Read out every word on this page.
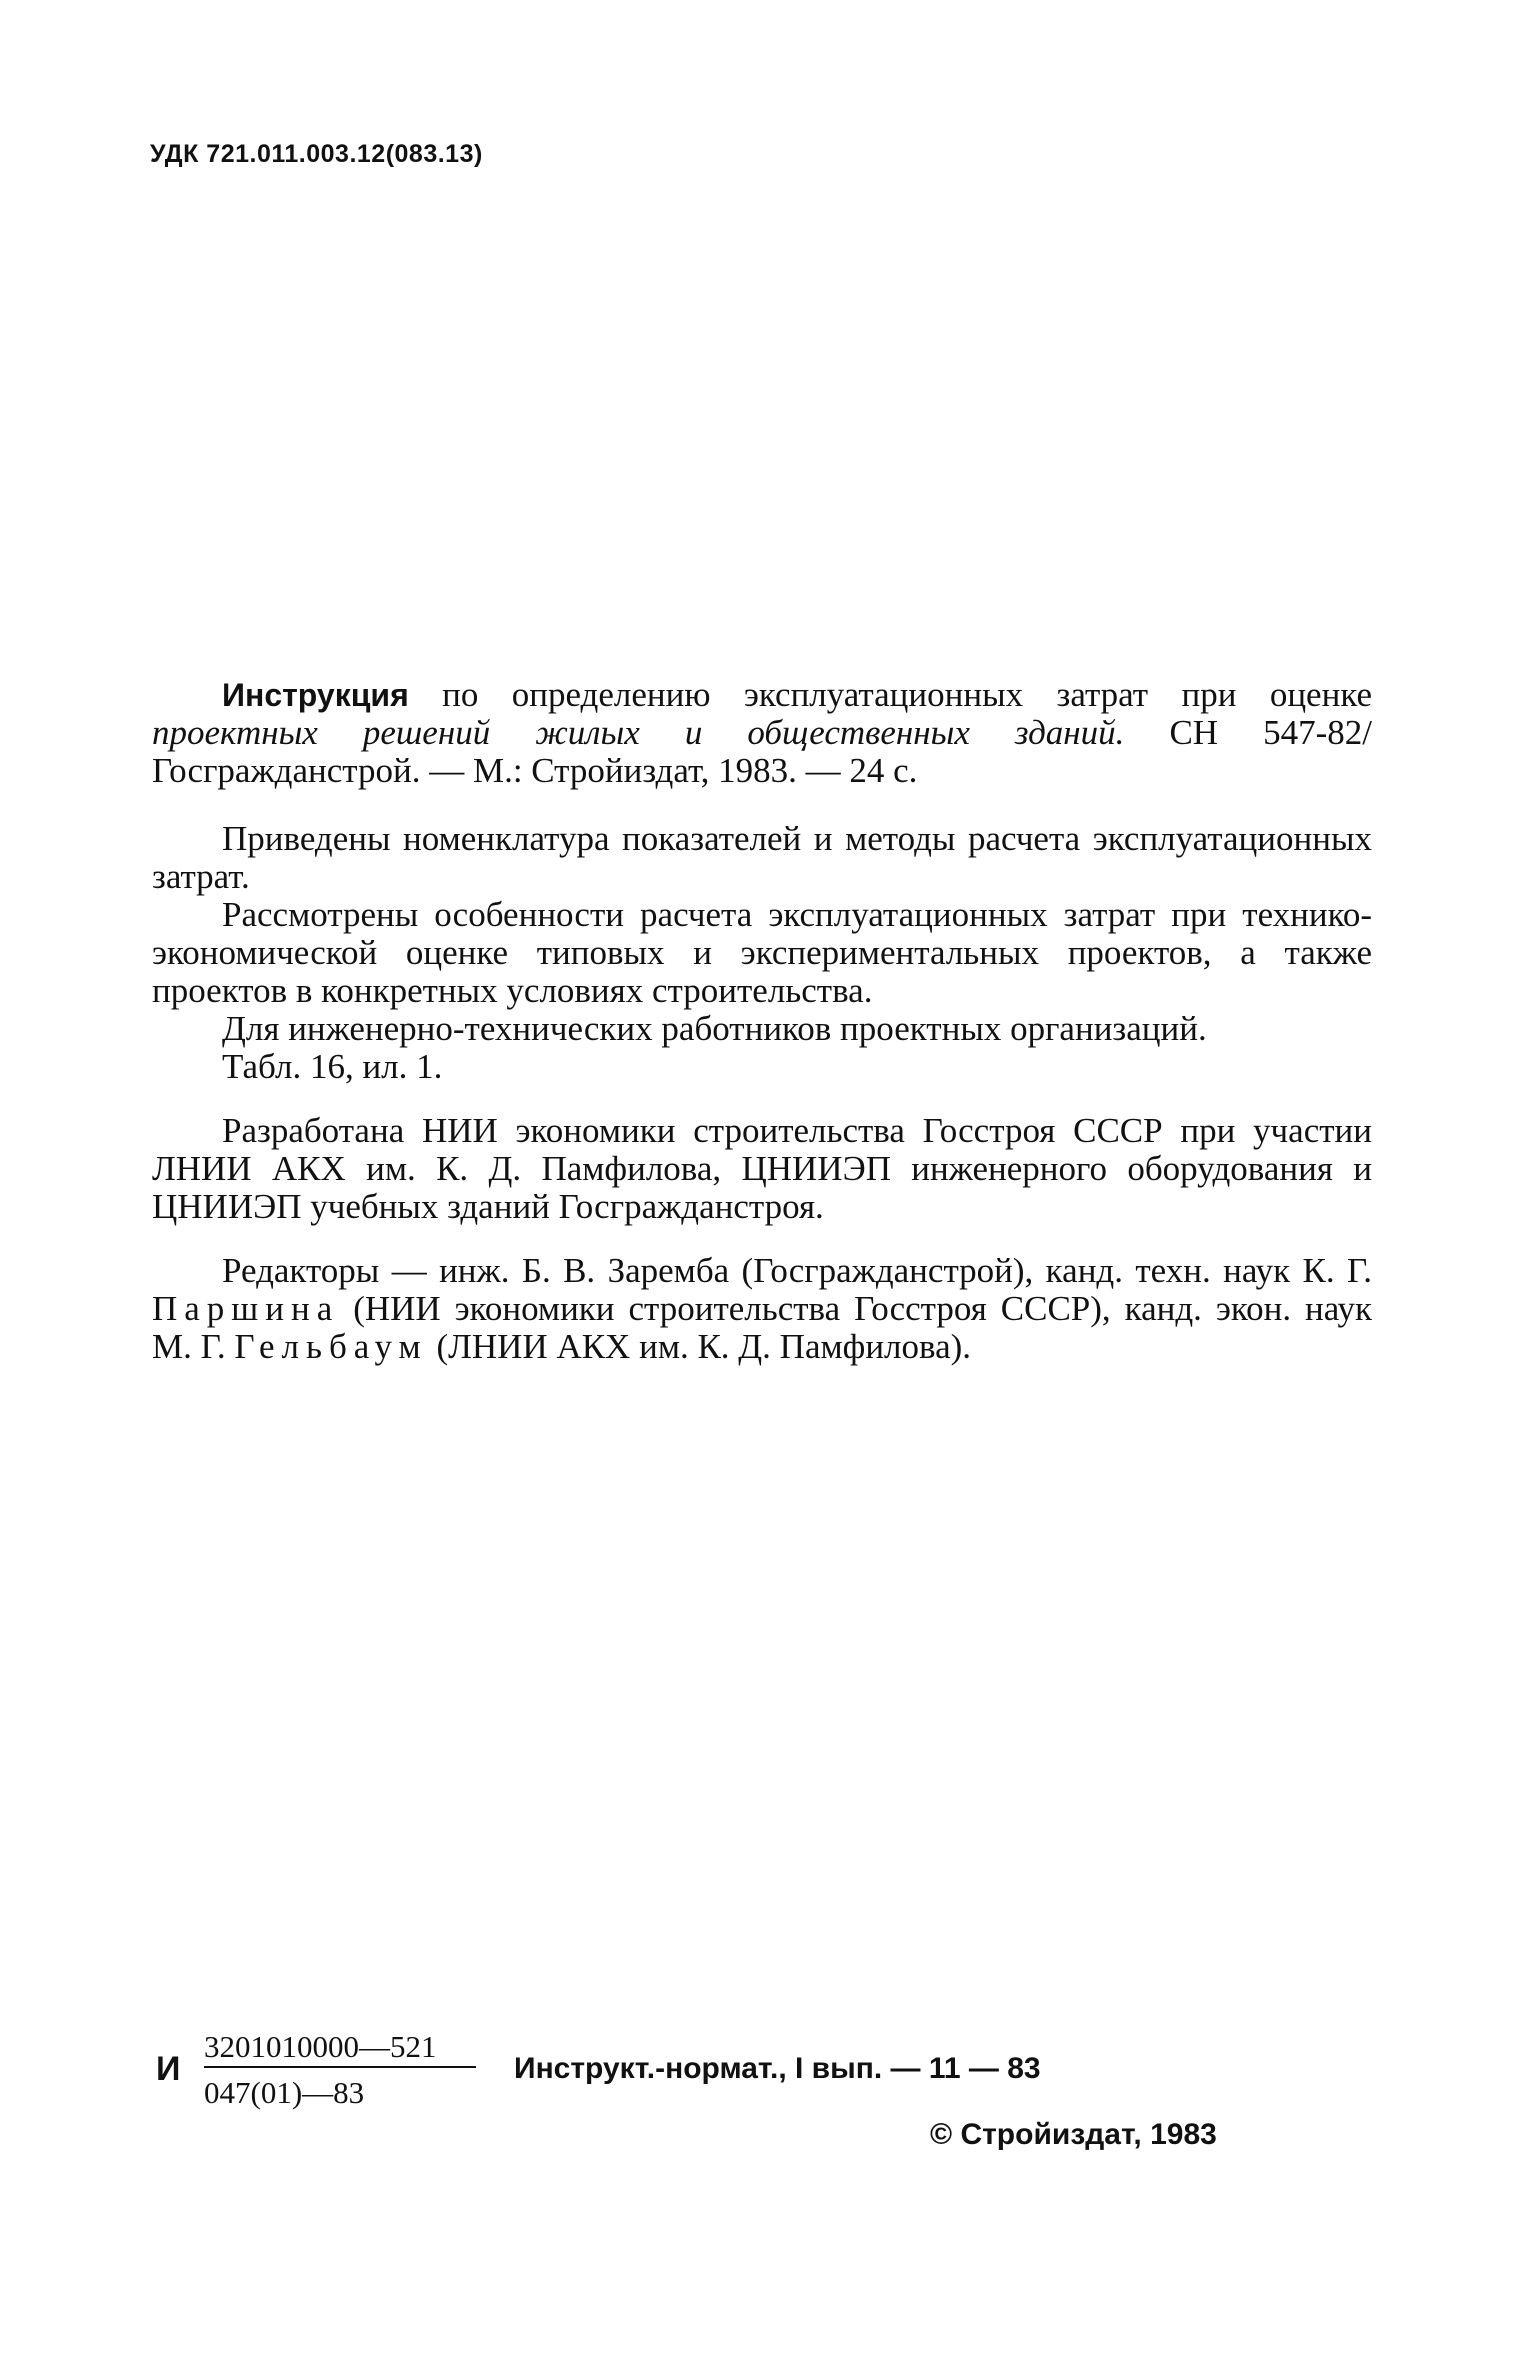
УДК 721.011.003.12(083.13)

Инструкция по определению эксплуатационных затрат при оценке проектных решений жилых и общественных зданий. СН 547-82/Госгражданстрой. — М.: Стройиздат, 1983. — 24 с.

Приведены номенклатура показателей и методы расчета эксплуатационных затрат.

Рассмотрены особенности расчета эксплуатационных затрат при технико-экономической оценке типовых и экспериментальных проектов, а также проектов в конкретных условиях строительства.

Для инженерно-технических работников проектных организаций.

Табл. 16, ил. 1.

Разработана НИИ экономики строительства Госстроя СССР при участии ЛНИИ АКХ им. К. Д. Памфилова, ЦНИИЭП инженерного оборудования и ЦНИИЭП учебных зданий Госгражданстроя.

Редакторы — инж. Б. В. Заремба (Госгражданстрой), канд. техн. наук К. Г. Паршина (НИИ экономики строительства Госстроя СССР), канд. экон. наук М. Г. Гельбаум (ЛНИИ АКХ им. К. Д. Памфилова).

И $\frac{3201010000—521}{047(01)—83}$ Инструкт.-нормат., I вып. — 11 — 83
© Стройиздат, 1983
